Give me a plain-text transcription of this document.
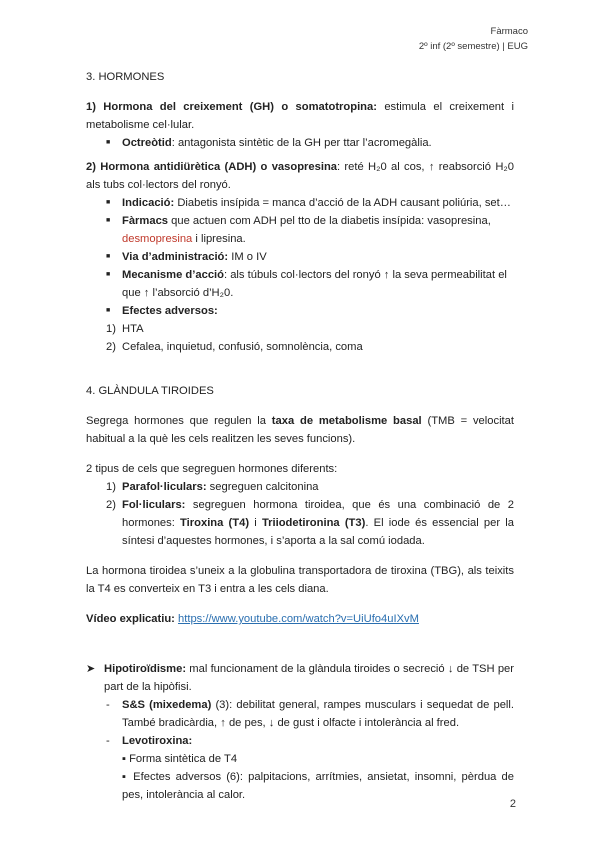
Fàrmaco
2º inf (2º semestre) | EUG

3. HORMONES

1) Hormona del creixement (GH) o somatotropina: estimula el creixement i metabolisme cel·lular.

■ Octreòtid: antagonista sintètic de la GH per ttar l’acromegàlia.

2) Hormona antidiürètica (ADH) o vasopresina: reté H₂0 al cos, ↑ reabsorció H₂0 als tubs col·lectors del ronyó.

■ Indicació: Diabetis insípida = manca d’acció de la ADH causant poliúria, set…
■ Fàrmacs que actuen com ADH pel tto de la diabetis insípida: vasopresina, desmopresina i lipresina.
■ Via d’administració: IM o IV
■ Mecanisme d’acció: als túbuls col·lectors del ronyó ↑ la seva permeabilitat el que ↑ l’absorció d’H₂0.
■ Efectes adversos:
1) HTA
2) Cefalea, inquietud, confusió, somnolència, coma

4. GLÀNDULA TIROIDES

Segrega hormones que regulen la taxa de metabolisme basal (TMB = velocitat habitual a la què les cels realitzen les seves funcions).

2 tipus de cels que segreguen hormones diferents:

1) Parafol·liculars: segreguen calcitonina
2) Fol·liculars: segreguen hormona tiroidea, que és una combinació de 2 hormones: Tiroxina (T4) i Triiodetironina (T3). El iode és essencial per la síntesi d’aquestes hormones, i s’aporta a la sal comú iodada.

La hormona tiroidea s’uneix a la globulina transportadora de tiroxina (TBG), als teixits la T4 es converteix en T3 i entra a les cels diana.

Vídeo explicatiu: https://www.youtube.com/watch?v=UiUfo4uIXvM

➤ Hipotiroïdisme: mal funcionament de la glàndula tiroides o secreció ↓ de TSH per part de la hipòfisi.
- S&S (mixedema) (3): debilitat general, rampes musculars i sequedat de pell. També bradicàrdia, ↑ de pes, ↓ de gust i olfacte i intolerància al fred.
- Levotiroxina:
▪ Forma sintètica de T4
▪ Efectes adversos (6): palpitacions, arrítmies, ansietat, insomni, pèrdua de pes, intolerància al calor.
2
